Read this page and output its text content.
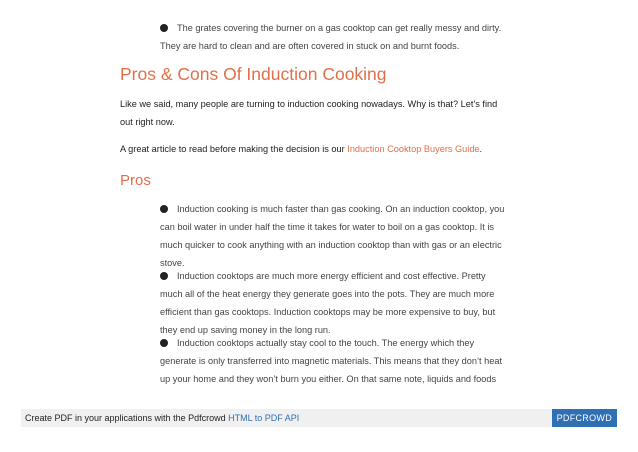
The grates covering the burner on a gas cooktop can get really messy and dirty.
They are hard to clean and are often covered in stuck on and burnt foods.
Pros & Cons Of Induction Cooking
Like we said, many people are turning to induction cooking nowadays. Why is that? Let’s find
out right now.
A great article to read before making the decision is our Induction Cooktop Buyers Guide.
Pros
Induction cooking is much faster than gas cooking. On an induction cooktop, you
can boil water in under half the time it takes for water to boil on a gas cooktop. It is
much quicker to cook anything with an induction cooktop than with gas or an electric
stove.
Induction cooktops are much more energy efficient and cost effective. Pretty
much all of the heat energy they generate goes into the pots. They are much more
efficient than gas cooktops. Induction cooktops may be more expensive to buy, but
they end up saving money in the long run.
Induction cooktops actually stay cool to the touch. The energy which they
generate is only transferred into magnetic materials. This means that they don’t heat
up your home and they won’t burn you either. On that same note, liquids and foods
Create PDF in your applications with the Pdfcrowd HTML to PDF API	PDFCROWD
